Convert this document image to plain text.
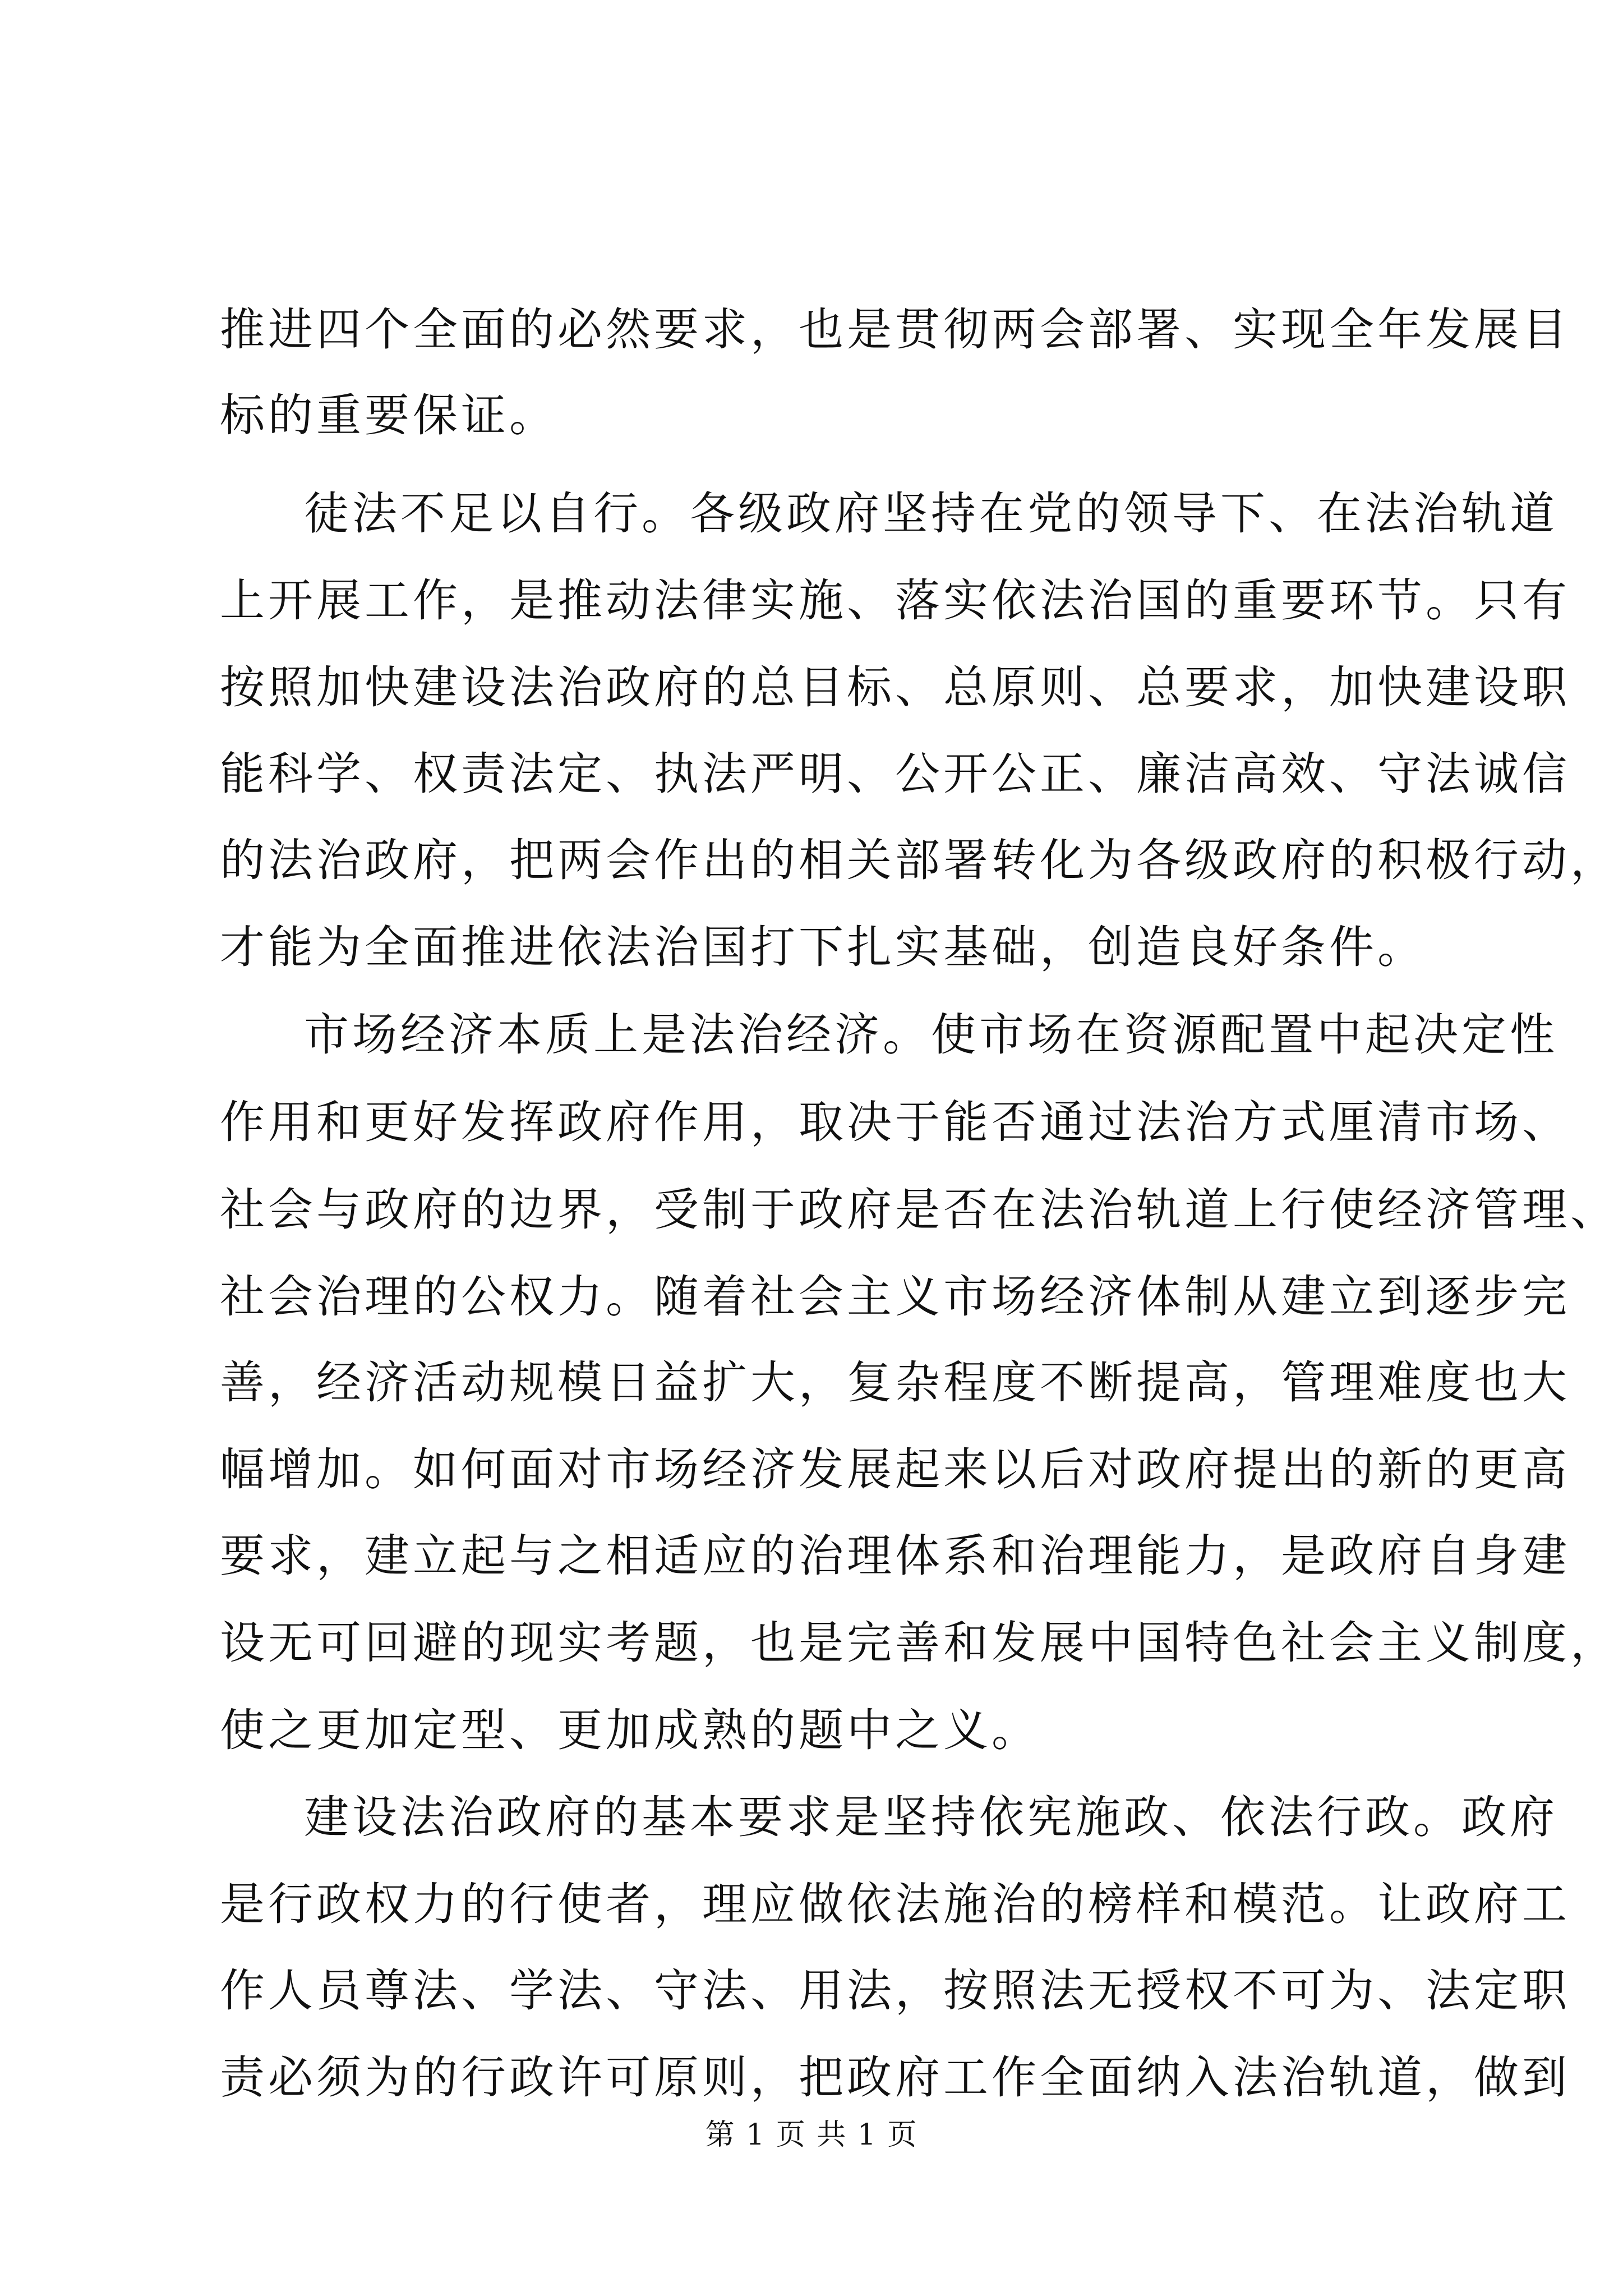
推进四个全面的必然要求，也是贯彻两会部署、实现全年发展目
标的重要保证。
徒法不足以自行。各级政府坚持在党的领导下、在法治轨道
上开展工作，是推动法律实施、落实依法治国的重要环节。只有
按照加快建设法治政府的总目标、总原则、总要求，加快建设职
能科学、权责法定、执法严明、公开公正、廉洁高效、守法诚信
的法治政府，把两会作出的相关部署转化为各级政府的积极行动，
才能为全面推进依法治国打下扎实基础，创造良好条件。
市场经济本质上是法治经济。使市场在资源配置中起决定性
作用和更好发挥政府作用，取决于能否通过法治方式厘清市场、
社会与政府的边界，受制于政府是否在法治轨道上行使经济管理、
社会治理的公权力。随着社会主义市场经济体制从建立到逐步完
善，经济活动规模日益扩大，复杂程度不断提高，管理难度也大
幅增加。如何面对市场经济发展起来以后对政府提出的新的更高
要求，建立起与之相适应的治理体系和治理能力，是政府自身建
设无可回避的现实考题，也是完善和发展中国特色社会主义制度，
使之更加定型、更加成熟的题中之义。
建设法治政府的基本要求是坚持依宪施政、依法行政。政府
是行政权力的行使者，理应做依法施治的榜样和模范。让政府工
作人员尊法、学法、守法、用法，按照法无授权不可为、法定职
责必须为的行政许可原则，把政府工作全面纳入法治轨道，做到
第 1 页 共 1 页
